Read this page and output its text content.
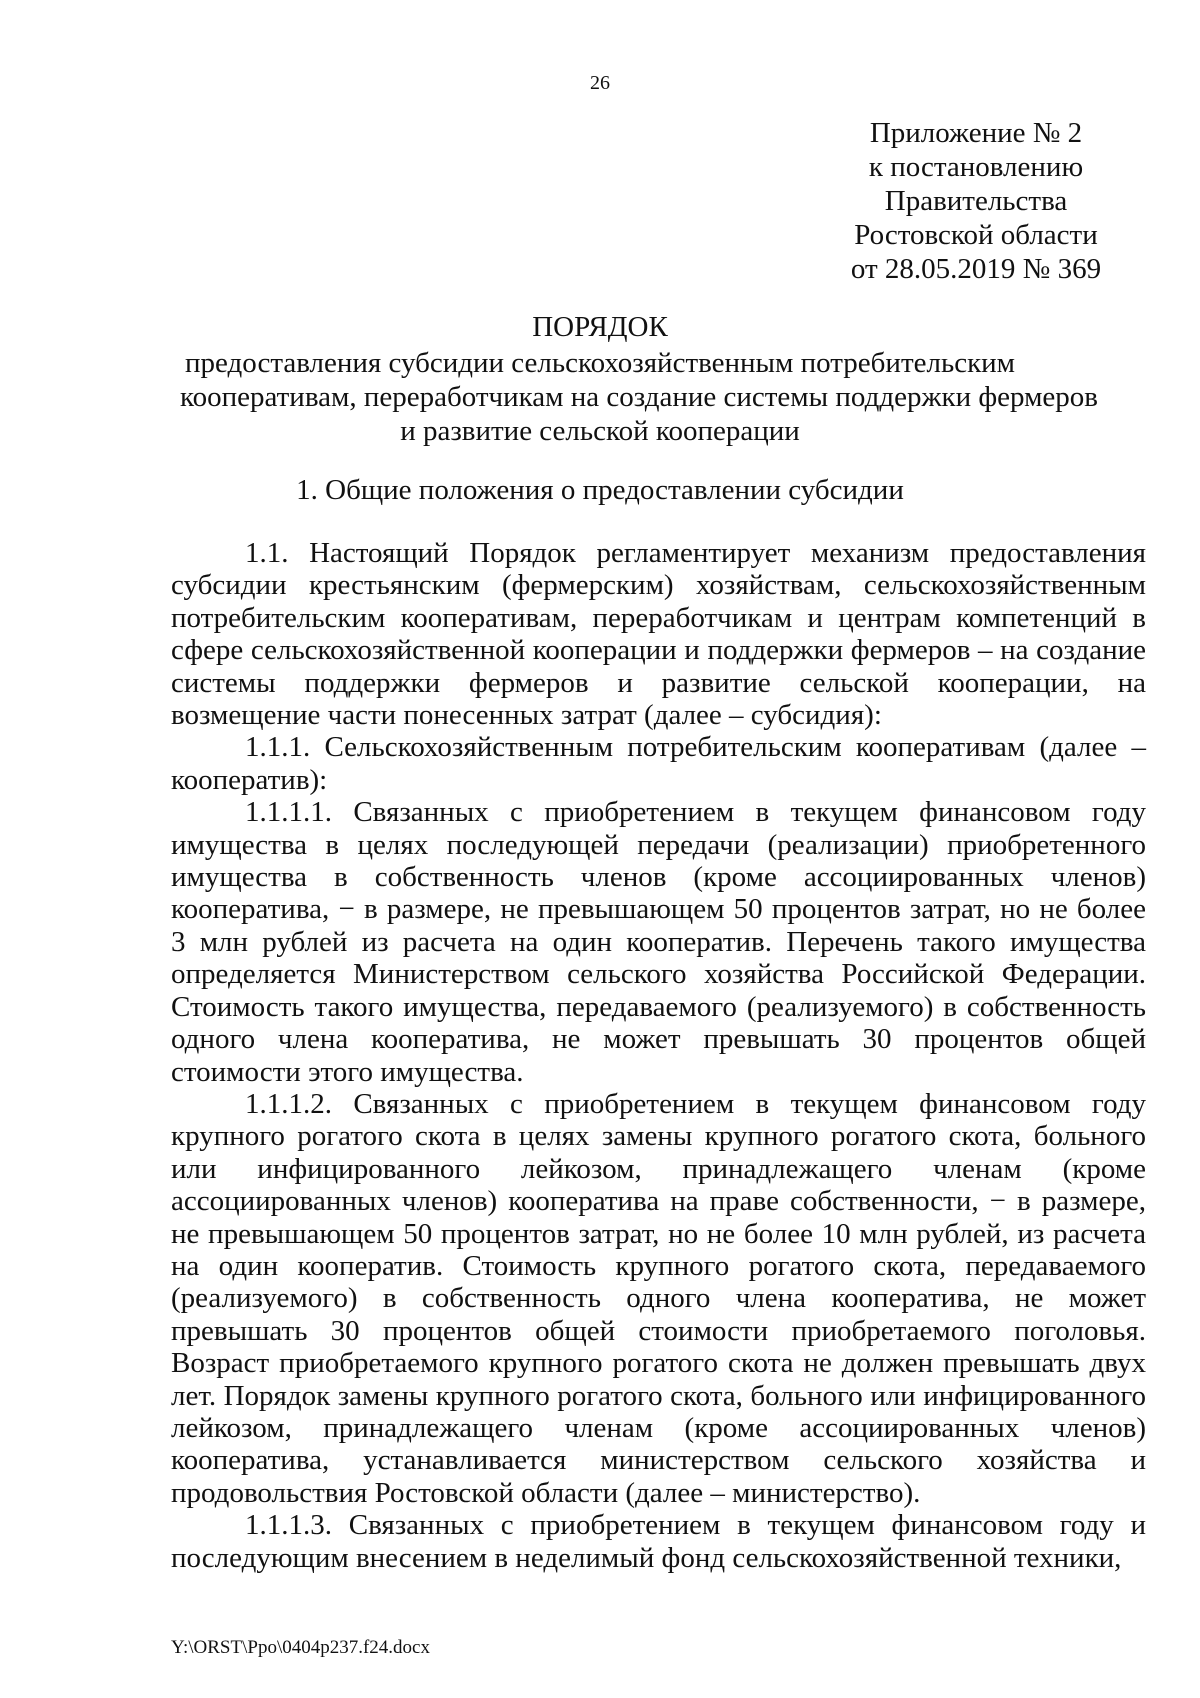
26
Приложение № 2
к постановлению
Правительства
Ростовской области
от 28.05.2019 № 369
ПОРЯДОК
предоставления субсидии сельскохозяйственным потребительским
кооперативам, переработчикам на создание системы поддержки фермеров
и развитие сельской кооперации
1. Общие положения о предоставлении субсидии

1.1. Настоящий Порядок регламентирует механизм предоставления субсидии крестьянским (фермерским) хозяйствам, сельскохозяйственным потребительским кооперативам, переработчикам и центрам компетенций в сфере сельскохозяйственной кооперации и поддержки фермеров – на создание системы поддержки фермеров и развитие сельской кооперации, на возмещение части понесенных затрат (далее – субсидия):

1.1.1. Сельскохозяйственным потребительским кооперативам (далее – кооператив):

1.1.1.1. Связанных с приобретением в текущем финансовом году имущества в целях последующей передачи (реализации) приобретенного имущества в собственность членов (кроме ассоциированных членов) кооператива, − в размере, не превышающем 50 процентов затрат, но не более 3 млн рублей из расчета на один кооператив. Перечень такого имущества определяется Министерством сельского хозяйства Российской Федерации. Стоимость такого имущества, передаваемого (реализуемого) в собственность одного члена кооператива, не может превышать 30 процентов общей стоимости этого имущества.

1.1.1.2. Связанных с приобретением в текущем финансовом году крупного рогатого скота в целях замены крупного рогатого скота, больного или инфицированного лейкозом, принадлежащего членам (кроме ассоциированных членов) кооператива на праве собственности, − в размере, не превышающем 50 процентов затрат, но не более 10 млн рублей, из расчета на один кооператив. Стоимость крупного рогатого скота, передаваемого (реализуемого) в собственность одного члена кооператива, не может превышать 30 процентов общей стоимости приобретаемого поголовья. Возраст приобретаемого крупного рогатого скота не должен превышать двух лет. Порядок замены крупного рогатого скота, больного или инфицированного лейкозом, принадлежащего членам (кроме ассоциированных членов) кооператива, устанавливается министерством сельского хозяйства и продовольствия Ростовской области (далее – министерство).

1.1.1.3. Связанных с приобретением в текущем финансовом году и последующим внесением в неделимый фонд сельскохозяйственной техники,

Y:\ORST\Ppo\0404p237.f24.docx
